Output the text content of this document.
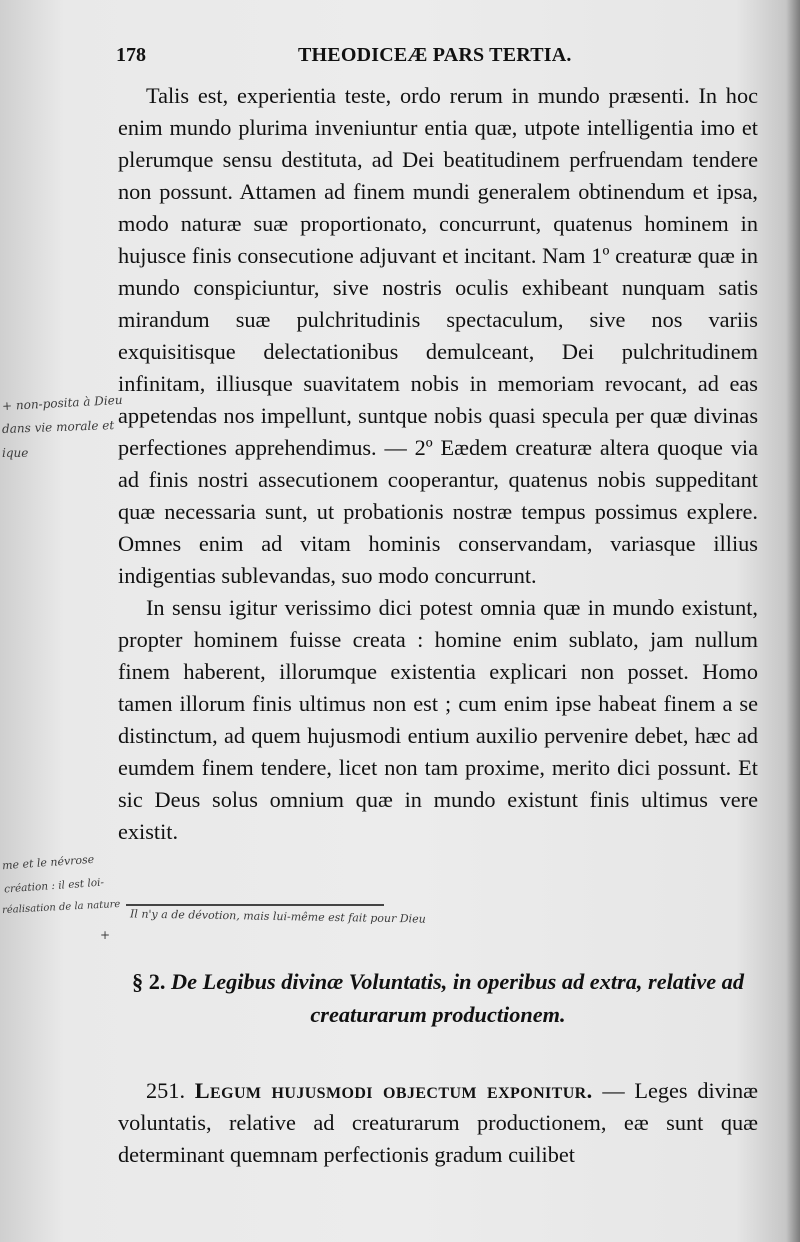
178	THEODICEÆ PARS TERTIA.

Talis est, experientia teste, ordo rerum in mundo præsenti. In hoc enim mundo plurima inveniuntur entia quæ, utpote intelligentia imo et plerumque sensu destituta, ad Dei beatitudinem perfruendam tendere non possunt. Attamen ad finem mundi generalem obtinendum et ipsa, modo naturæ suæ proportionato, concurrunt, quatenus hominem in hujusce finis consecutione adjuvant et incitant. Nam 1º creaturæ quæ in mundo conspiciuntur, sive nostris oculis exhibeant nunquam satis mirandum suæ pulchritudinis spectaculum, sive nos variis exquisitisque delectationibus demulceant, Dei pulchritudinem infinitam, illiusque suavitatem nobis in memoriam revocant, ad eas appetendas nos impellunt, suntque nobis quasi specula per quæ divinas perfectiones apprehendimus. — 2º Eædem creaturæ altera quoque via ad finis nostri assecutionem cooperantur, quatenus nobis suppeditant quæ necessaria sunt, ut probationis nostræ tempus possimus explere. Omnes enim ad vitam hominis conservandam, variasque illius indigentias sublevandas, suo modo concurrunt.

In sensu igitur verissimo dici potest omnia quæ in mundo existunt, propter hominem fuisse creata : homine enim sublato, jam nullum finem haberent, illorumque existentia explicari non posset. Homo tamen illorum finis ultimus non est ; cum enim ipse habeat finem a se distinctum, ad quem hujusmodi entium auxilio pervenire debet, hæc ad eumdem finem tendere, licet non tam proxime, merito dici possunt. Et sic Deus solus omnium quæ in mundo existunt finis ultimus vere existit.

§ 2. De Legibus divinæ Voluntatis, in operibus ad extra, relative ad creaturarum productionem.

251. Legum hujusmodi objectum exponitur. — Leges divinæ voluntatis, relative ad creaturarum productionem, eæ sunt quæ determinant quemnam perfectionis gradum cuilibet

+ non-posita à Dieu
dans vie morale et
ique
me et le névrose
création : il est loi-
réalisation de la nature
+
Il n'y a de dévotion, mais lui-même est fait pour Dieu
